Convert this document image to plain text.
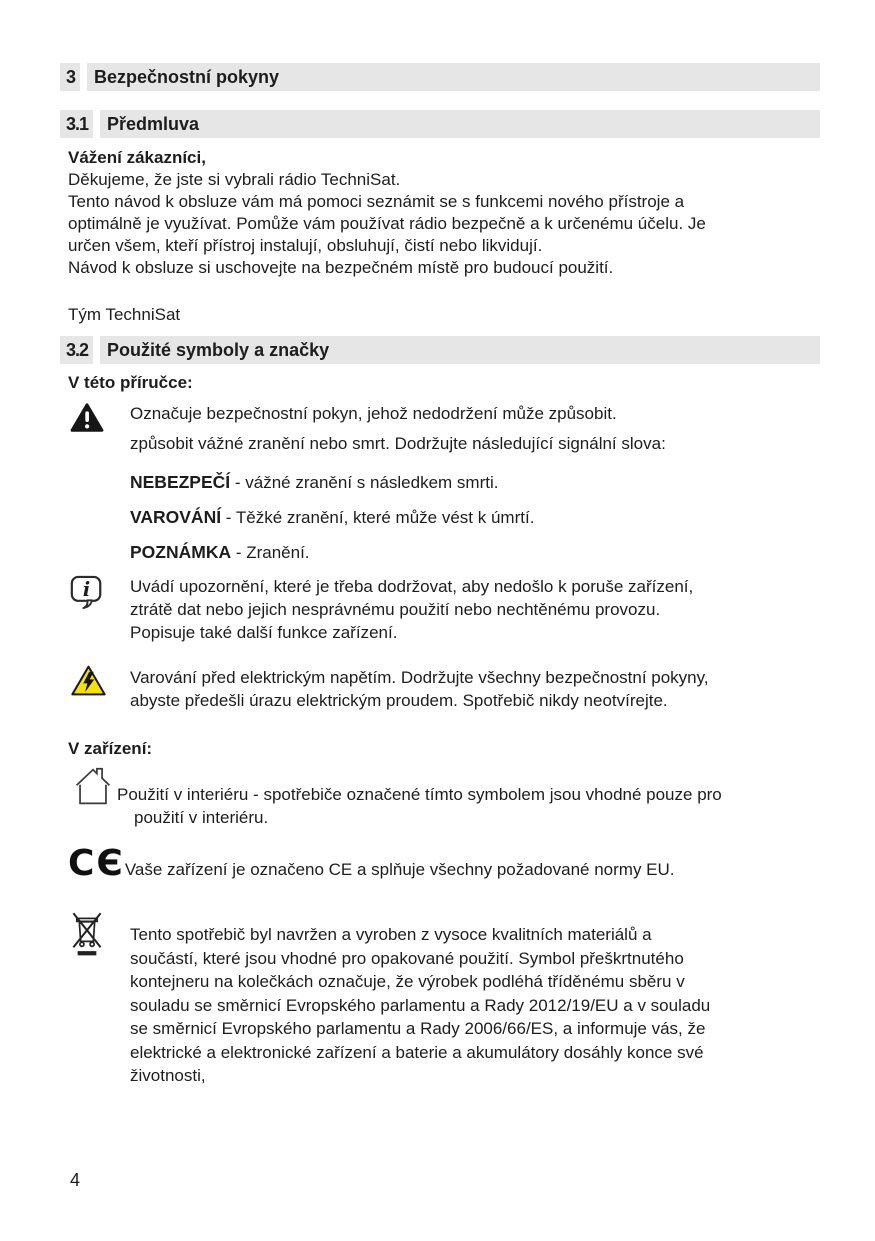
3	Bezpečnostní pokyny
3.1	Předmluva
Vážení zákazníci,
Děkujeme, že jste si vybrali rádio TechniSat.
Tento návod k obsluze vám má pomoci seznámit se s funkcemi nového přístroje a
optimálně je využívat. Pomůže vám používat rádio bezpečně a k určenému účelu. Je
určen všem, kteří přístroj instalují, obsluhují, čistí nebo likvidují.
Návod k obsluze si uschovejte na bezpečném místě pro budoucí použití.
Tým TechniSat
3.2	Použité symboly a značky
V této příručce:
Označuje bezpečnostní pokyn, jehož nedodržení může způsobit.
způsobit vážné zranění nebo smrt. Dodržujte následující signální slova:
NEBEZPEČÍ - vážné zranění s následkem smrti.
VAROVÁNÍ - Těžké zranění, které může vést k úmrtí.
POZNÁMKA - Zranění.
i Uvádí upozornění, které je třeba dodržovat, aby nedošlo k poruše zařízení,
ztrátě dat nebo jejich nesprávnému použití nebo nechtěnému provozu.
Popisuje také další funkce zařízení.
Varování před elektrickým napětím. Dodržujte všechny bezpečnostní pokyny,
abyste předešli úrazu elektrickým proudem. Spotřebič nikdy neotvírejte.
V zařízení:
Použití v interiéru - spotřebiče označené tímto symbolem jsou vhodné pouze pro
použití v interiéru.
CЄ Vaše zařízení je označeno CE a splňuje všechny požadované normy EU.
Tento spotřebič byl navržen a vyroben z vysoce kvalitních materiálů a
součástí, které jsou vhodné pro opakované použití. Symbol přeškrtnutého
kontejneru na kolečkách označuje, že výrobek podléhá tříděnému sběru v
souladu se směrnicí Evropského parlamentu a Rady 2012/19/EU a v souladu
se směrnicí Evropského parlamentu a Rady 2006/66/ES, a informuje vás, že
elektrické a elektronické zařízení a baterie a akumulátory dosáhly konce své
životnosti,
4
